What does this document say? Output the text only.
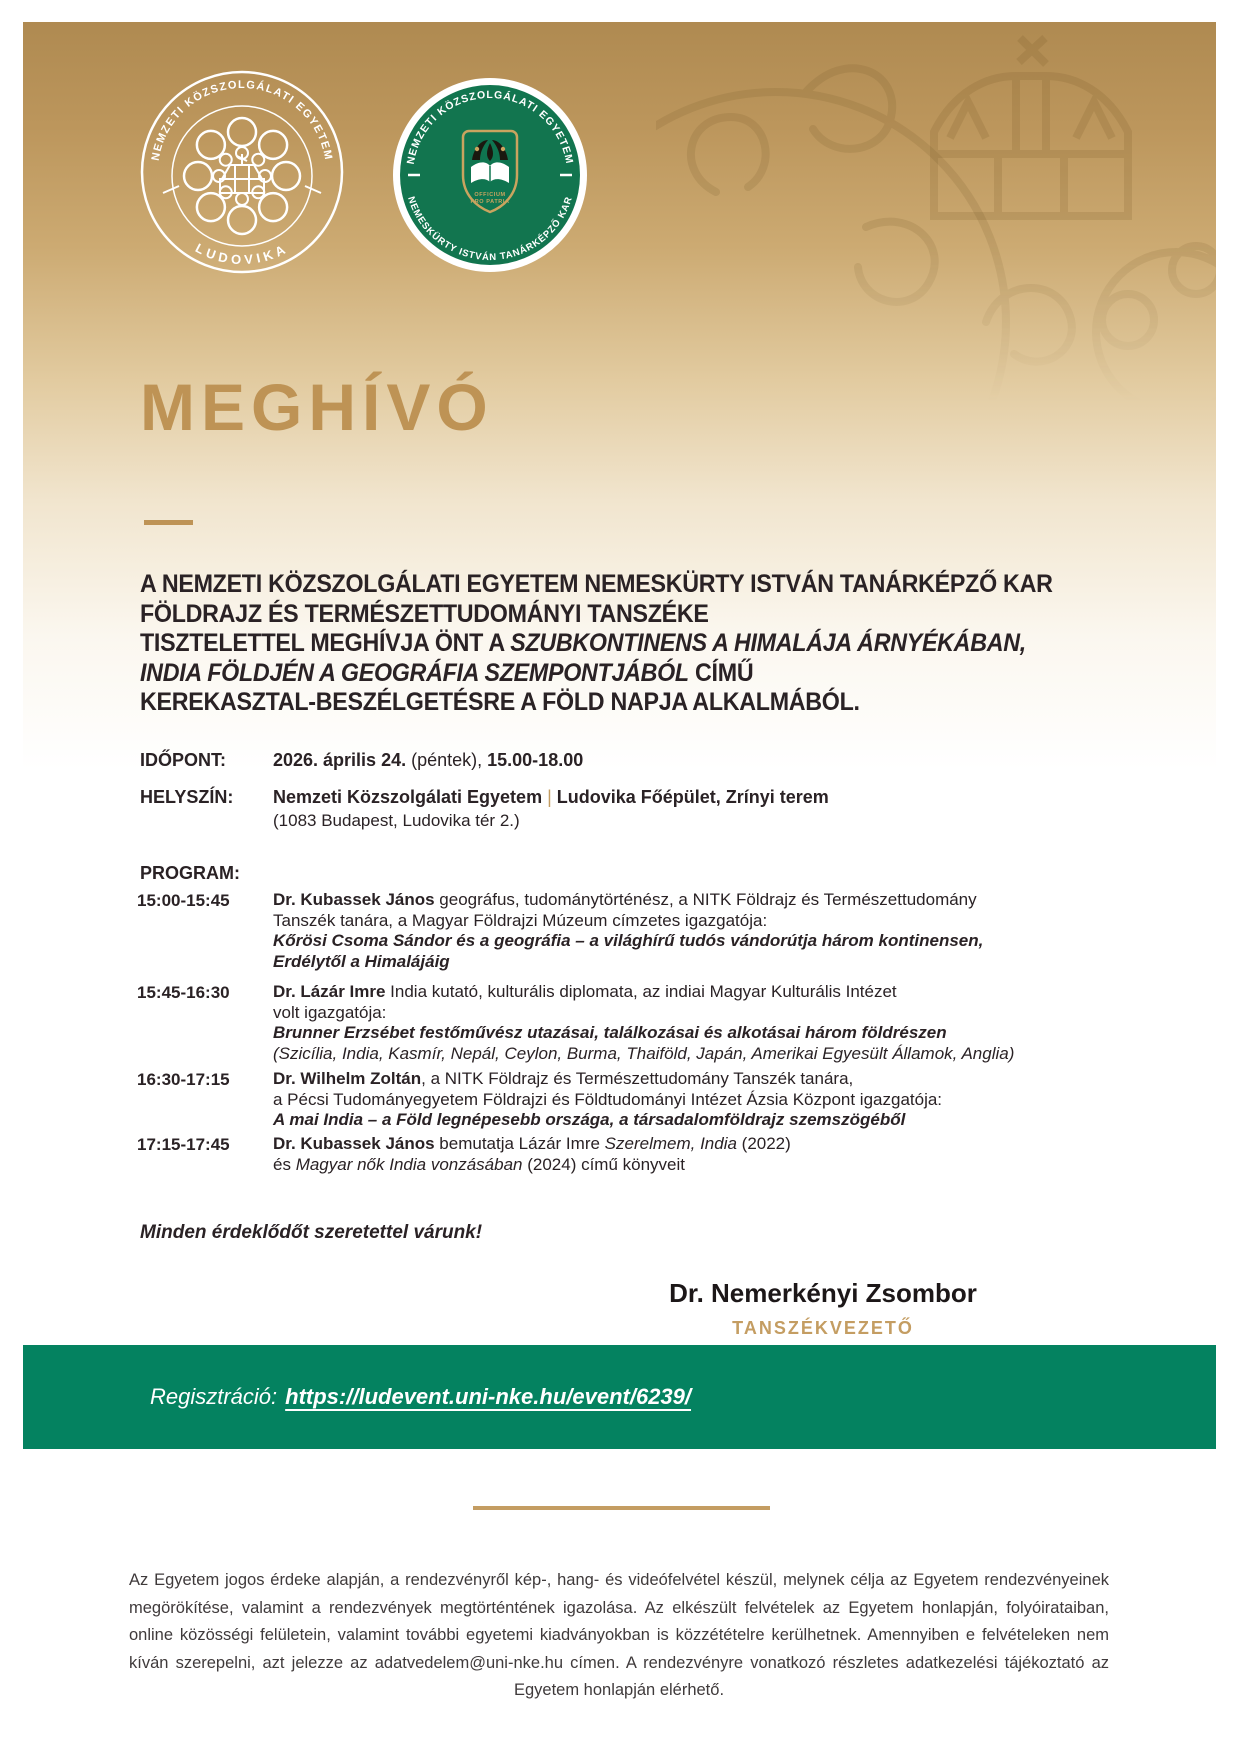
NEMZETI KÖZSZOLGÁLATI EGYETEM
LUDOVIKA
OFFICIUM
PRO PATRIA
NEMZETI KÖZSZOLGÁLATI EGYETEM
NEMESKÜRTY ISTVÁN TANÁRKÉPZŐ KAR
MEGHÍVÓ
A NEMZETI KÖZSZOLGÁLATI EGYETEM NEMESKÜRTY ISTVÁN TANÁRKÉPZŐ KAR
FÖLDRAJZ ÉS TERMÉSZETTUDOMÁNYI TANSZÉKE
TISZTELETTEL MEGHÍVJA ÖNT A SZUBKONTINENS A HIMALÁJA ÁRNYÉKÁBAN,
INDIA FÖLDJÉN A GEOGRÁFIA SZEMPONTJÁBÓL CÍMŰ
KEREKASZTAL-BESZÉLGETÉSRE A FÖLD NAPJA ALKALMÁBÓL.
IDŐPONT:	2026. április 24. (péntek), 15.00-18.00
HELYSZÍN: Nemzeti Közszolgálati Egyetem | Ludovika Főépület, Zrínyi terem
(1083 Budapest, Ludovika tér 2.)
PROGRAM:
15:00-15:45	Dr. Kubassek János geográfus, tudománytörténész, a NITK Földrajz és Természettudomány
Tanszék tanára, a Magyar Földrajzi Múzeum címzetes igazgatója:
Kőrösi Csoma Sándor és a geográfia – a világhírű tudós vándorútja három kontinensen,
Erdélytől a Himalájáig
15:45-16:30	Dr. Lázár Imre India kutató, kulturális diplomata, az indiai Magyar Kulturális Intézet
volt igazgatója:
Brunner Erzsébet festőművész utazásai, találkozásai és alkotásai három földrészen
(Szicília, India, Kasmír, Nepál, Ceylon, Burma, Thaiföld, Japán, Amerikai Egyesült Államok, Anglia)
16:30-17:15	Dr. Wilhelm Zoltán, a NITK Földrajz és Természettudomány Tanszék tanára,
a Pécsi Tudományegyetem Földrajzi és Földtudományi Intézet Ázsia Központ igazgatója:
A mai India – a Föld legnépesebb országa, a társadalomföldrajz szemszögéből
17:15-17:45	Dr. Kubassek János bemutatja Lázár Imre Szerelmem, India (2022)
és Magyar nők India vonzásában (2024) című könyveit
Minden érdeklődőt szeretettel várunk!
Dr. Nemerkényi Zsombor
TANSZÉKVEZETŐ
Regisztráció: https://ludevent.uni-nke.hu/event/6239/
Az Egyetem jogos érdeke alapján, a rendezvényről kép-, hang- és videófelvétel készül, melynek célja az Egyetem rendezvényeinek megörökítése, valamint a rendezvények megtörténtének igazolása. Az elkészült felvételek az Egyetem honlapján, folyóirataiban, online közösségi felületein, valamint további egyetemi kiadványokban is közzétételre kerülhetnek. Amennyiben e felvételeken nem kíván szerepelni, azt jelezze az adatvedelem@uni-nke.hu címen. A rendezvényre vonatkozó részletes adatkezelési tájékoztató az Egyetem honlapján elérhető.
